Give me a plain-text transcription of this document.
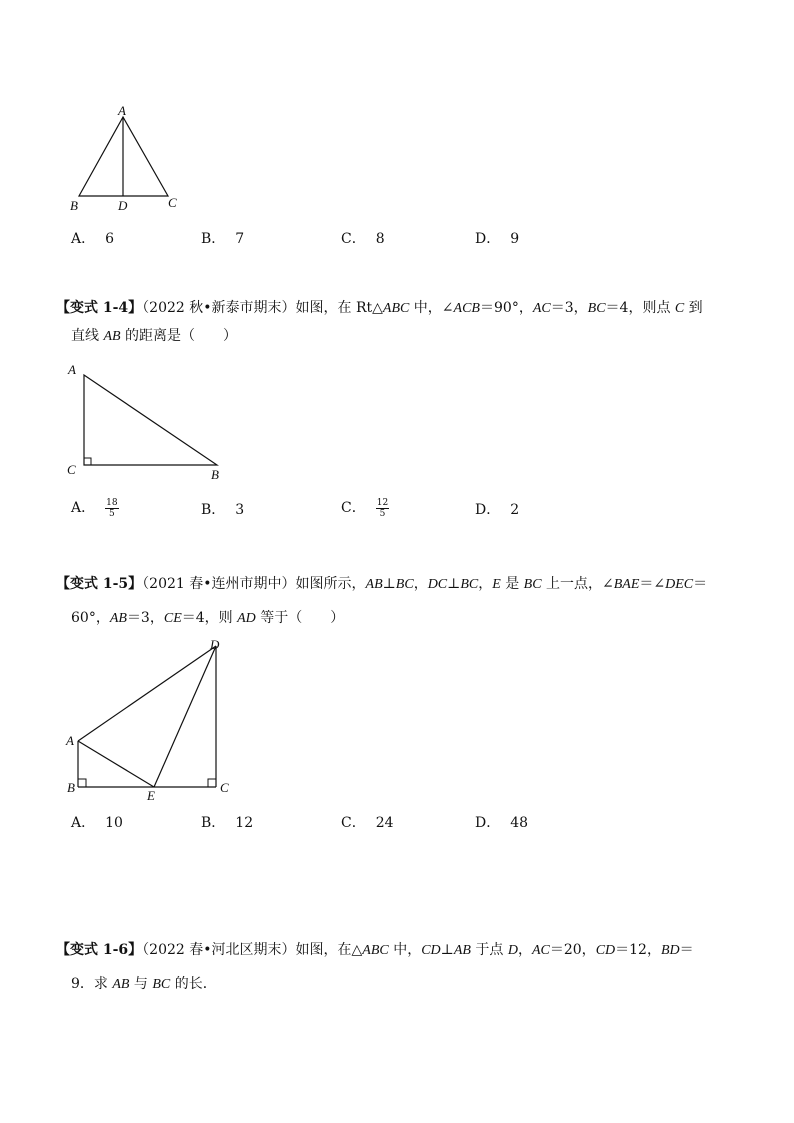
A
B	D	C
A． 6	B． 7	C． 8	D． 9
【变式 1-4】（2022 秋•新泰市期末）如图，在 Rt△ABC 中，∠ACB＝90°，AC＝3，BC＝4，则点 C 到
直线 AB 的距离是（　　）
A
C	B
A． $\frac{18}{5}$	B． 3	C． $\frac{12}{5}$	D． 2
【变式 1-5】（2021 春•连州市期中）如图所示，AB⊥BC，DC⊥BC，E 是 BC 上一点，∠BAE＝∠DEC＝
60°，AB＝3，CE＝4，则 AD 等于（　　）
D
A
B
E
C
A． 10	B． 12	C． 24	D． 48
【变式 1-6】（2022 春•河北区期末）如图，在△ABC 中，CD⊥AB 于点 D，AC＝20，CD＝12，BD＝
9．求 AB 与 BC 的长．
